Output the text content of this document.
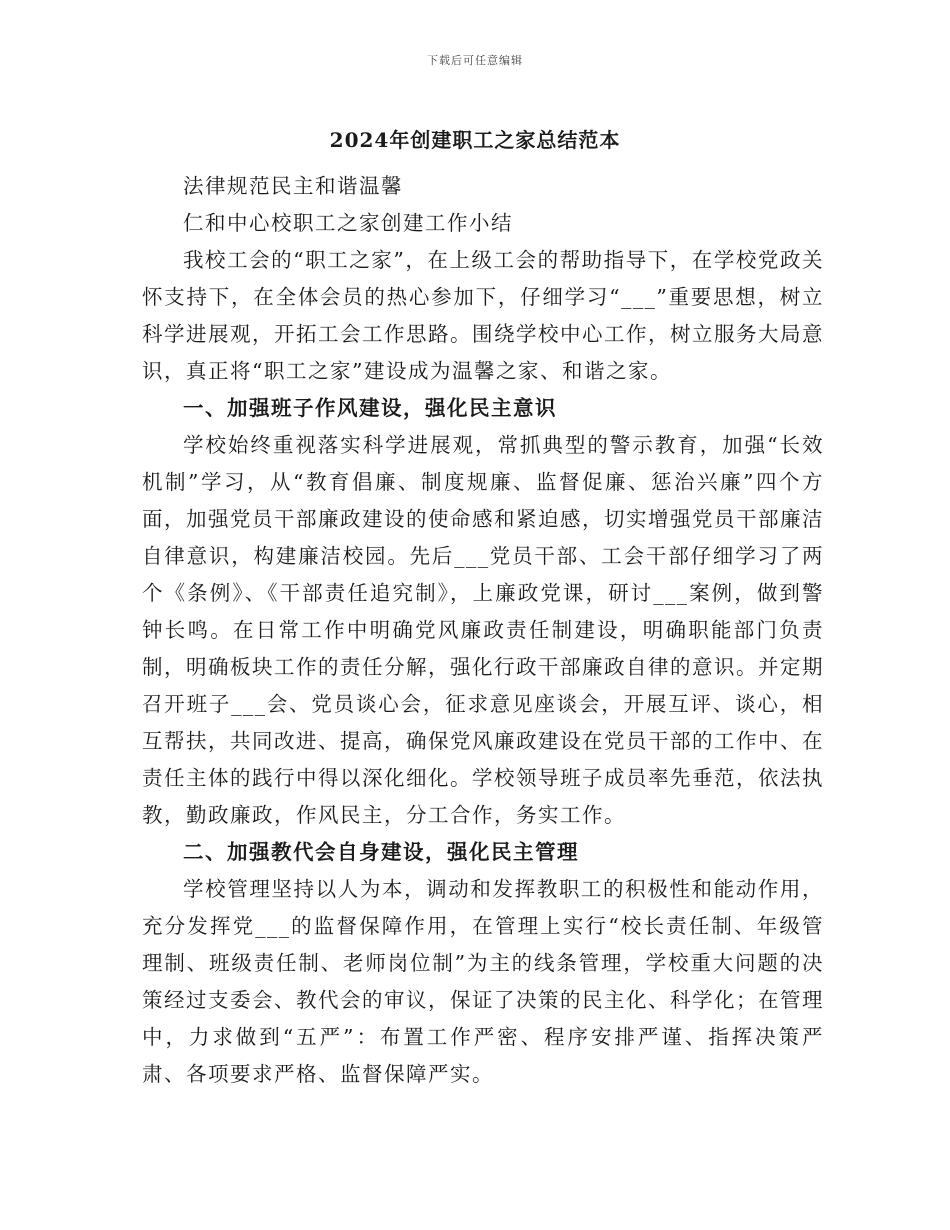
下载后可任意编辑
2024年创建职工之家总结范本

法律规范民主和谐温馨

仁和中心校职工之家创建工作小结

我校工会的“职工之家”，在上级工会的帮助指导下，在学校党政关怀支持下，在全体会员的热心参加下，仔细学习“___”重要思想，树立科学进展观，开拓工会工作思路。围绕学校中心工作，树立服务大局意识，真正将“职工之家”建设成为温馨之家、和谐之家。

一、加强班子作风建设，强化民主意识

学校始终重视落实科学进展观，常抓典型的警示教育，加强“长效机制”学习，从“教育倡廉、制度规廉、监督促廉、惩治兴廉”四个方面，加强党员干部廉政建设的使命感和紧迫感，切实增强党员干部廉洁自律意识，构建廉洁校园。先后___党员干部、工会干部仔细学习了两个《条例》、《干部责任追究制》，上廉政党课，研讨___案例，做到警钟长鸣。在日常工作中明确党风廉政责任制建设，明确职能部门负责制，明确板块工作的责任分解，强化行政干部廉政自律的意识。并定期召开班子___会、党员谈心会，征求意见座谈会，开展互评、谈心，相互帮扶，共同改进、提高，确保党风廉政建设在党员干部的工作中、在责任主体的践行中得以深化细化。学校领导班子成员率先垂范，依法执教，勤政廉政，作风民主，分工合作，务实工作。

二、加强教代会自身建设，强化民主管理

学校管理坚持以人为本，调动和发挥教职工的积极性和能动作用，充分发挥党___的监督保障作用，在管理上实行“校长责任制、年级管理制、班级责任制、老师岗位制”为主的线条管理，学校重大问题的决策经过支委会、教代会的审议，保证了决策的民主化、科学化；在管理中，力求做到“五严”：布置工作严密、程序安排严谨、指挥决策严肃、各项要求严格、监督保障严实。
